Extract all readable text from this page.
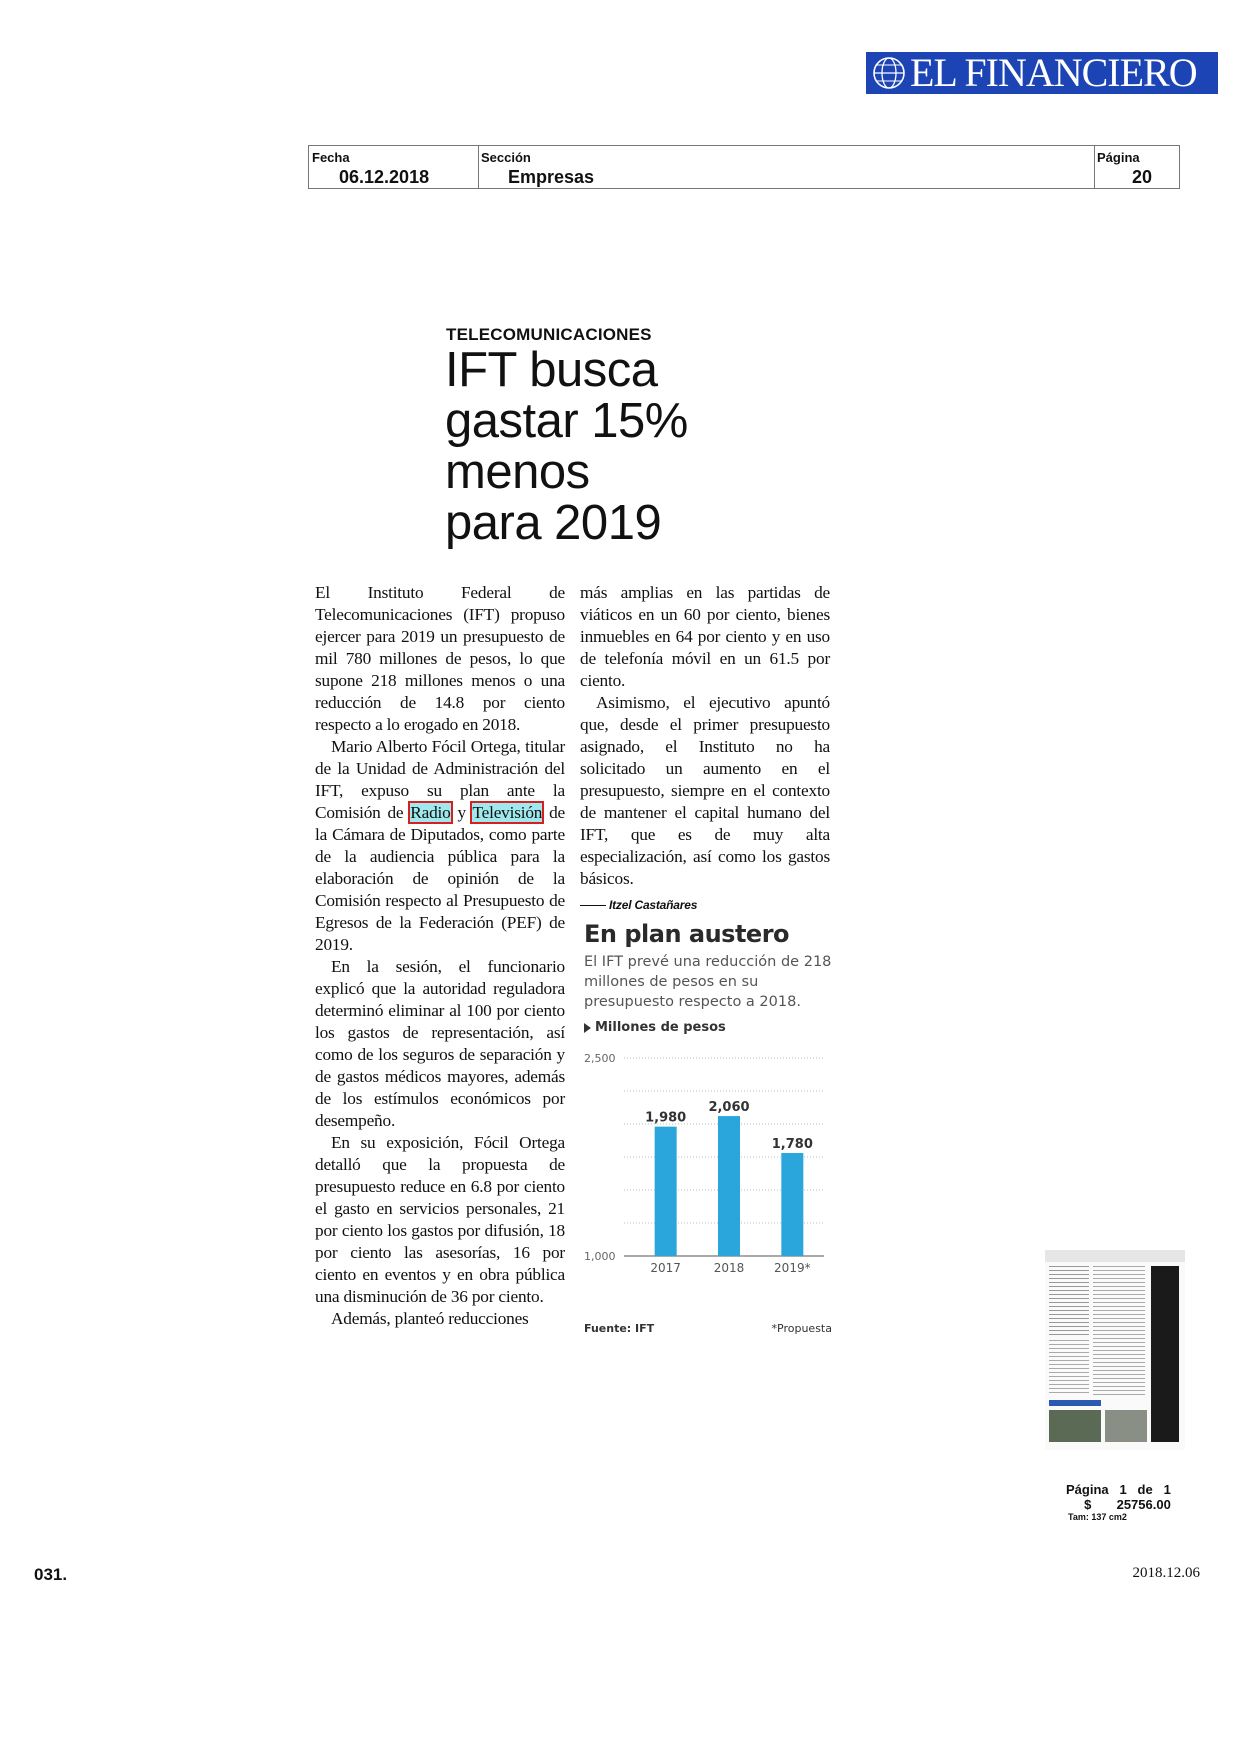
EL FINANCIERO
Fecha
06.12.2018
Sección
Empresas
Página
20
TELECOMUNICACIONES
IFT busca
gastar 15%
menos
para 2019

El Instituto Federal de Telecomunicaciones (IFT) propuso ejercer para 2019 un presupuesto de mil 780 millones de pesos, lo que supone 218 millones menos o una reducción de 14.8 por ciento respecto a lo erogado en 2018.

Mario Alberto Fócil Ortega, titular de la Unidad de Administración del IFT, expuso su plan ante la Comisión de Radio y Televisión de la Cámara de Diputados, como parte de la audiencia pública para la elaboración de opinión de la Comisión respecto al Presupuesto de Egresos de la Federación (PEF) de 2019.

En la sesión, el funcionario explicó que la autoridad reguladora determinó eliminar al 100 por ciento los gastos de representación, así como de los seguros de separación y de gastos médicos mayores, además de los estímulos económicos por desempeño.

En su exposición, Fócil Ortega detalló que la propuesta de presupuesto reduce en 6.8 por ciento el gasto en servicios personales, 21 por ciento los gastos por difusión, 18 por ciento las asesorías, 16 por ciento en eventos y en obra pública una disminución de 36 por ciento.

Además, planteó reducciones

más amplias en las partidas de viáticos en un 60 por ciento, bienes inmuebles en 64 por ciento y en uso de telefonía móvil en un 61.5 por ciento.

Asimismo, el ejecutivo apuntó que, desde el primer presupuesto asignado, el Instituto no ha solicitado un aumento en el presupuesto, siempre en el contexto de mantener el capital humano del IFT, que es de muy alta especialización, así como los gastos básicos.

Itzel Castañares
En plan austero
El IFT prevé una reducción de 218 millones de pesos en su presupuesto respecto a 2018.
Millones de pesos
2,500
1,000
1,980
2017
2,060
2018
1,780
2019*
Fuente: IFT	*Propuesta
Página 1 de 1
$ 25756.00
Tam: 137 cm2
031.	2018.12.06
